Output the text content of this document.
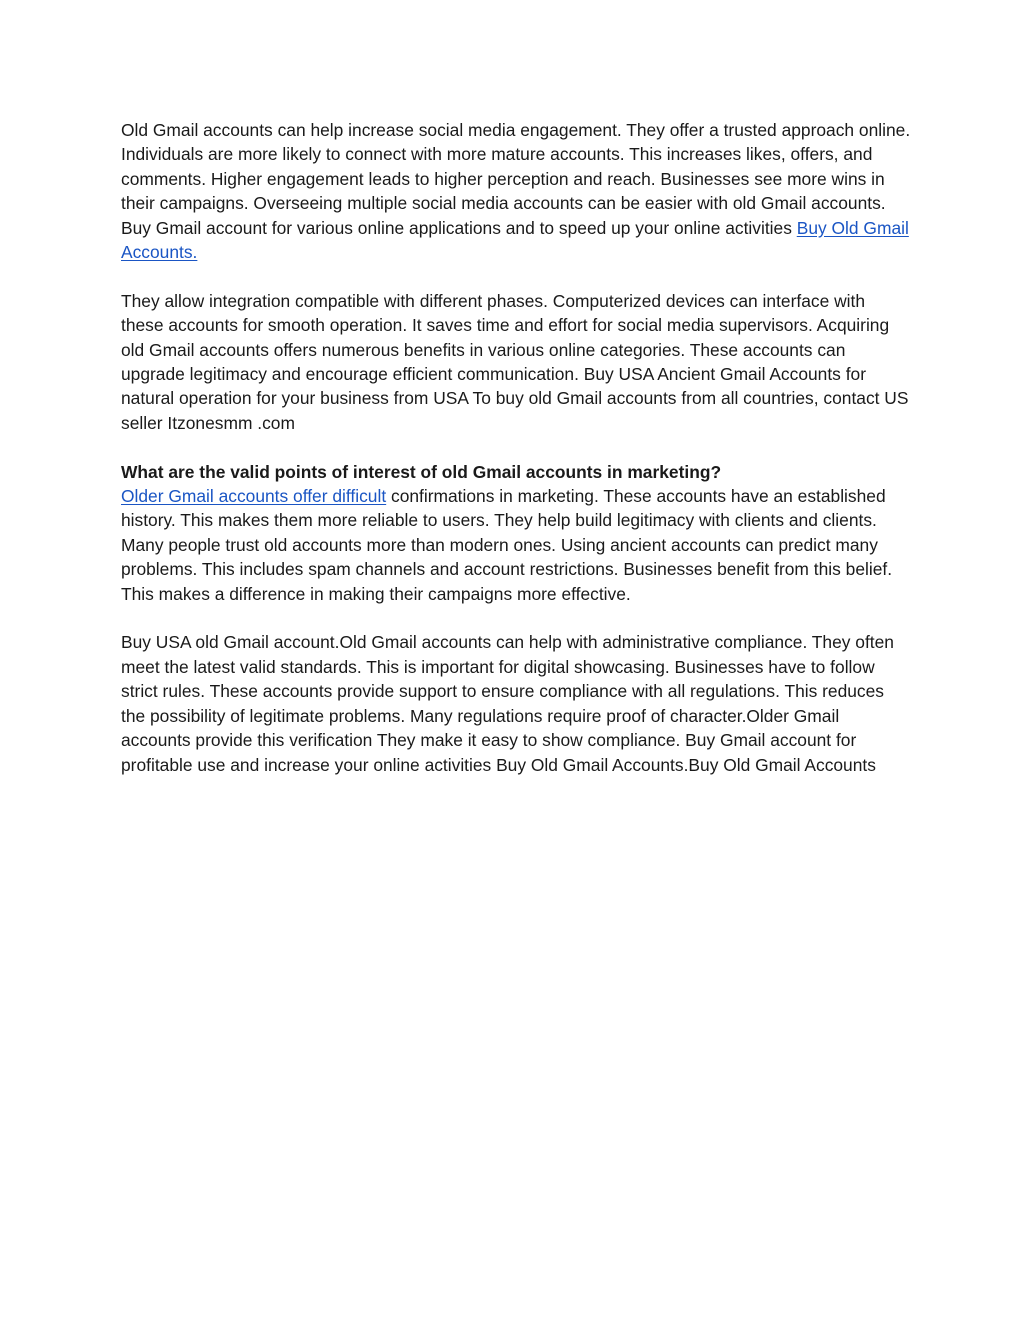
Old Gmail accounts can help increase social media engagement. They offer a trusted approach online. Individuals are more likely to connect with more mature accounts. This increases likes, offers, and comments. Higher engagement leads to higher perception and reach. Businesses see more wins in their campaigns. Overseeing multiple social media accounts can be easier with old Gmail accounts. Buy Gmail account for various online applications and to speed up your online activities Buy Old Gmail Accounts.

They allow integration compatible with different phases. Computerized devices can interface with these accounts for smooth operation. It saves time and effort for social media supervisors. Acquiring old Gmail accounts offers numerous benefits in various online categories. These accounts can upgrade legitimacy and encourage efficient communication. Buy USA Ancient Gmail Accounts for natural operation for your business from USA To buy old Gmail accounts from all countries, contact US seller Itzonesmm .com

What are the valid points of interest of old Gmail accounts in marketing?

Older Gmail accounts offer difficult confirmations in marketing. These accounts have an established history. This makes them more reliable to users. They help build legitimacy with clients and clients. Many people trust old accounts more than modern ones. Using ancient accounts can predict many problems. This includes spam channels and account restrictions. Businesses benefit from this belief. This makes a difference in making their campaigns more effective.

Buy USA old Gmail account.Old Gmail accounts can help with administrative compliance. They often meet the latest valid standards. This is important for digital showcasing. Businesses have to follow strict rules. These accounts provide support to ensure compliance with all regulations. This reduces the possibility of legitimate problems. Many regulations require proof of character.Older Gmail accounts provide this verification They make it easy to show compliance. Buy Gmail account for profitable use and increase your online activities Buy Old Gmail Accounts.Buy Old Gmail Accounts
